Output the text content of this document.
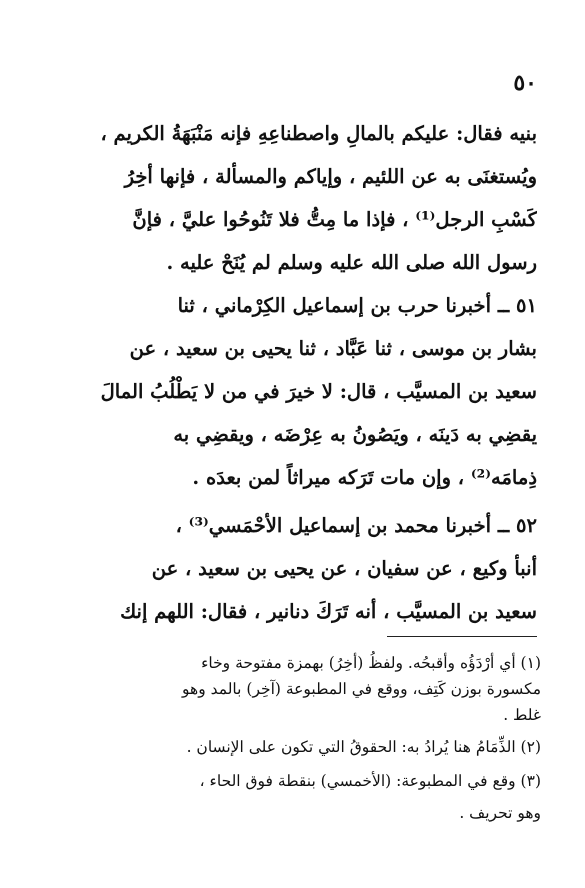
٥٠
بنيه فقال: عليكم بالمالِ واصطناعِهِ فإنه مَنْبَهَةُ الكريم ،
ويُستغنَى به عن اللئيم ، وإياكم والمسألة ، فإنها أخِرُ
كَسْبِ الرجل⁽¹⁾ ، فإذا ما مِتُّ فلا تَنُوحُوا عليَّ ، فإنَّ
رسول الله صلى الله عليه وسلم لم يُنَحْ عليه .
٥١ ــ أخبرنا حرب بن إسماعيل الكِرْماني ، ثنا
بشار بن موسى ، ثنا عَبَّاد ، ثنا يحيى بن سعيد ، عن
سعيد بن المسيَّب ، قال: لا خيرَ في من لا يَطْلُبُ المالَ
يقضِي به دَينَه ، ويَصُونُ به عِرْضَه ، ويقضِي به
ذِمامَه⁽²⁾ ، وإن مات تَرَكه ميراثاً لمن بعدَه .
٥٢ ــ أخبرنا محمد بن إسماعيل الأحْمَسي⁽³⁾ ،
أنبأ وكيع ، عن سفيان ، عن يحيى بن سعيد ، عن
سعيد بن المسيَّب ، أنه تَرَكَ دنانير ، فقال: اللهم إنك
(١) أي أرْدَؤُه وأقبحُه. ولفظُ (أخِرُ) بهمزة مفتوحة وخاء
مكسورة بوزن كَتِف، ووقع في المطبوعة (آخِر) بالمد وهو
غلط .
(٢) الذِّمَامُ هنا يُرادُ به: الحقوقُ التي تكون على الإنسان .
(٣) وقع في المطبوعة: (الأخمسي) بنقطة فوق الحاء ،
وهو تحريف .
